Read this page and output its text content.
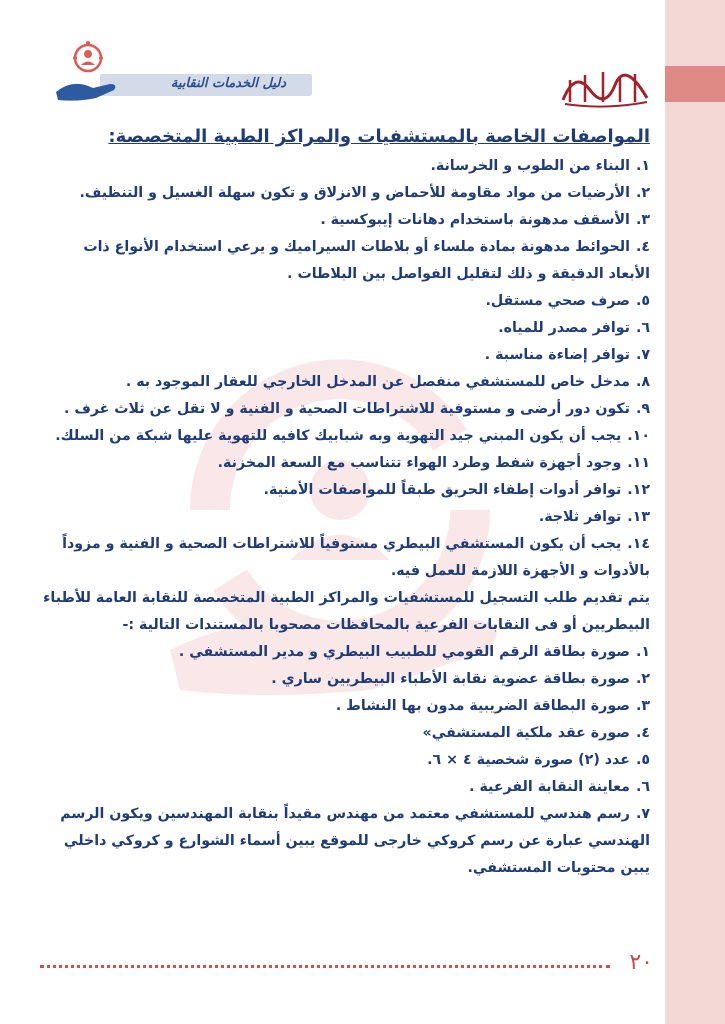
دليل الخدمات النقابية
المواصفات الخاصة بالمستشفيات والمراكز الطبية المتخصصة:

١.البناء من الطوب و الخرسانة.

٢.الأرضيات من مواد مقاومة للأحماض و الانزلاق و تكون سهلة الغسيل و التنظيف.

٣.الأسقف مدهونة باستخدام دهانات إيبوكسية .

٤.الحوائط مدهونة بمادة ملساء أو بلاطات السيراميك و يرعي استخدام الأنواع ذات الأبعاد الدقيقة و ذلك لتقليل الفواصل بين البلاطات .

٥.صرف صحي مستقل.

٦.توافر مصدر للمياه.

٧.توافر إضاءة مناسبة .

٨.مدخل خاص للمستشفي منفصل عن المدخل الخارجي للعقار الموجود به .

٩.تكون دور أرضى و مستوفية للاشتراطات الصحية و الفنية و لا تقل عن ثلاث غرف .

١٠.يجب أن يكون المبني جيد التهوية وبه شبابيك كافيه للتهوية عليها شبكة من السلك.

١١.وجود أجهزة شفط وطرد الهواء تتناسب مع السعة المخزنة.

١٢.توافر أدوات إطفاء الحريق طبقاً للمواصفات الأمنية.

١٣.توافر ثلاجة.

١٤.يجب أن يكون المستشفي البيطري مستوفياً للاشتراطات الصحية و الفنية و مزوداً بالأدوات و الأجهزة اللازمة للعمل فيه.

يتم تقديم طلب التسجيل للمستشفيات والمراكز الطبية المتخصصة للنقابة العامة للأطباء البيطريين أو فى النقابات الفرعية بالمحافظات مصحوبا بالمستندات التالية :-

١.صورة بطاقة الرقم القومي للطبيب البيطري و مدير المستشفي .

٢.صورة بطاقة عضوية نقابة الأطباء البيطريين ساري .

٣.صورة البطاقة الضريبية مدون بها النشاط .

٤.صورة عقد ملكية المستشفي»

٥.عدد (٢) صورة شخصية ٤ × ٦.

٦.معاينة النقابة الفرعية .

٧.رسم هندسي للمستشفي معتمد من مهندس مقيداً بنقابة المهندسين ويكون الرسم الهندسي عبارة عن رسم كروكي خارجى للموقع يبين أسماء الشوارع و كروكي داخلي يبين محتويات المستشفي.

٢٠
